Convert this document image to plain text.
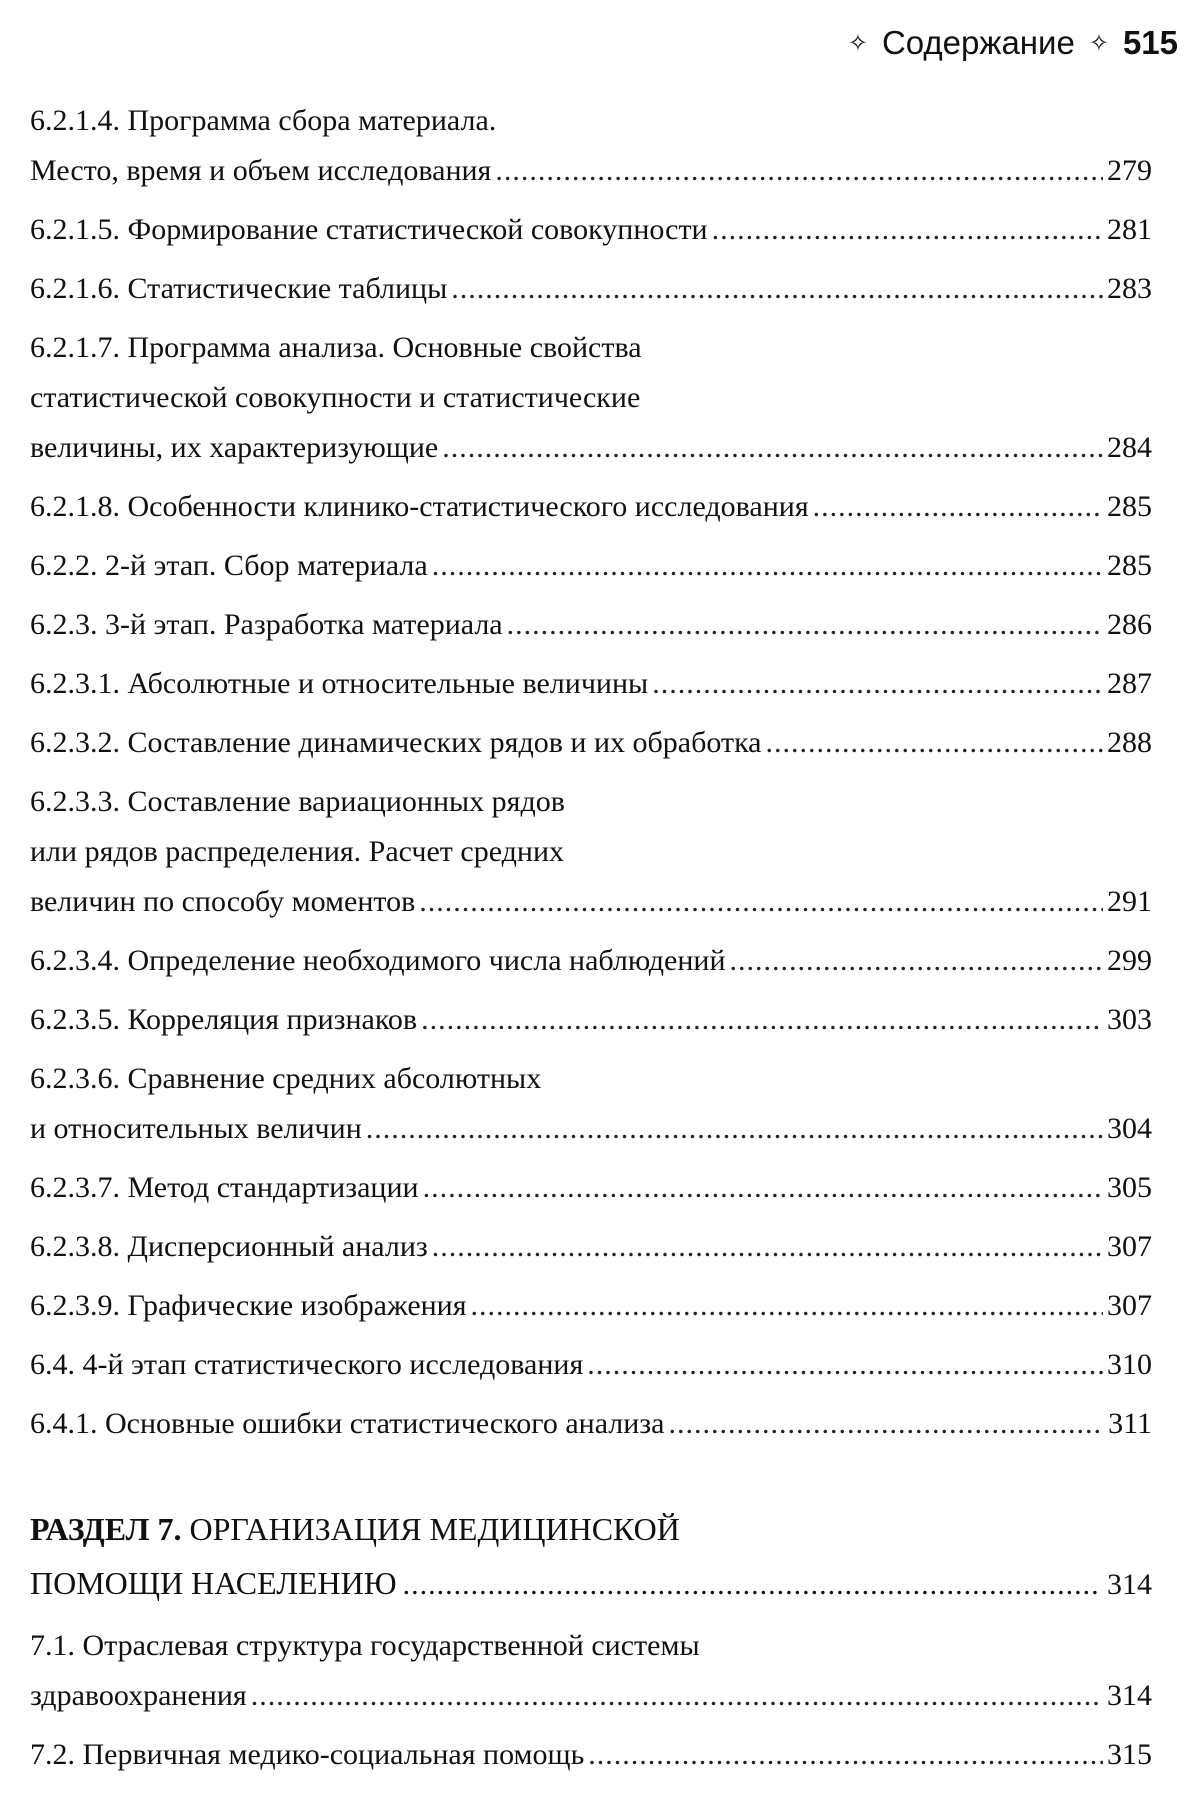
✧ Содержание ✧ 515
6.2.1.4. Программа сбора материала.
Место, время и объем исследования .....	279
6.2.1.5. Формирование статистической совокупности .....	281
6.2.1.6. Статистические таблицы .....	283
6.2.1.7. Программа анализа. Основные свойства
статистической совокупности и статистические
величины, их характеризующие .....	284
6.2.1.8. Особенности клинико-статистического исследования .....	285
6.2.2. 2-й этап. Сбор материала .....	285
6.2.3. 3-й этап. Разработка материала .....	286
6.2.3.1. Абсолютные и относительные величины .....	287
6.2.3.2. Составление динамических рядов и их обработка .....	288
6.2.3.3. Составление вариационных рядов
или рядов распределения. Расчет средних
величин по способу моментов .....	291
6.2.3.4. Определение необходимого числа наблюдений .....	299
6.2.3.5. Корреляция признаков .....	303
6.2.3.6. Сравнение средних абсолютных
и относительных величин .....	304
6.2.3.7. Метод стандартизации .....	305
6.2.3.8. Дисперсионный анализ .....	307
6.2.3.9. Графические изображения .....	307
6.4. 4-й этап статистического исследования .....	310
6.4.1. Основные ошибки статистического анализа .....	311
РАЗДЕЛ 7. ОРГАНИЗАЦИЯ МЕДИЦИНСКОЙ
ПОМОЩИ НАСЕЛЕНИЮ .....	314
7.1. Отраслевая структура государственной системы
здравоохранения .....	314
7.2. Первичная медико-социальная помощь .....	315
